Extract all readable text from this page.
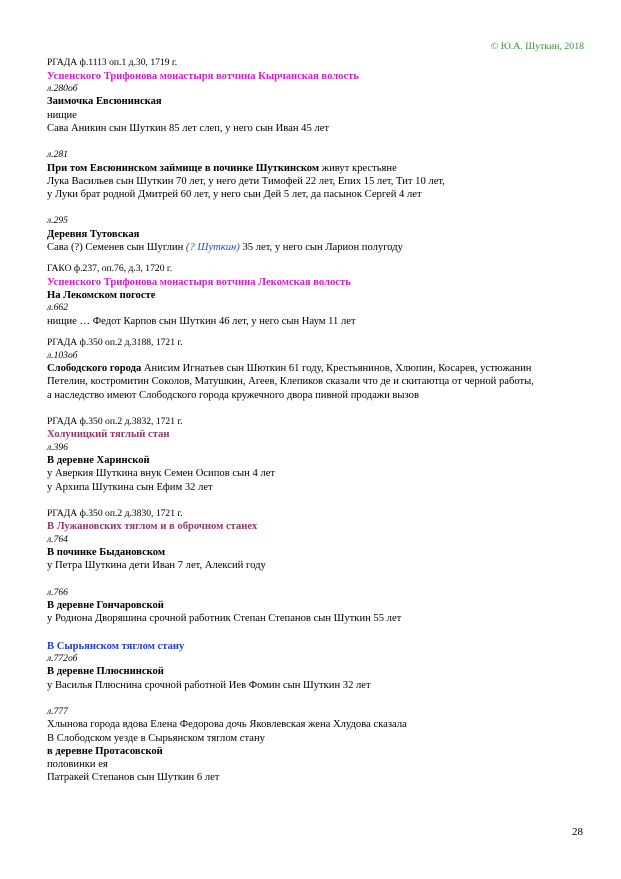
© Ю.А. Шуткин, 2018
РГАДА ф.1113 оп.1 д.30, 1719 г.
Успенского Трифонова монастыря вотчина Кырчанская волость
л.280об
Заимочка Евсюнинская
нищие
Сава Аникин сын Шуткин 85 лет слеп, у него сын Иван 45 лет
л.281
При том Евсюнинском займище в починке Шуткинском живут крестьяне
Лука Васильев сын Шуткин 70 лет, у него дети Тимофей 22 лет, Епих 15 лет, Тит 10 лет,
у Луки брат родной Дмитрей 60 лет, у него сын Дей 5 лет, да пасынок Сергей 4 лет
л.295
Деревня Тутовская
Сава (?) Семенев сын Шуглин (? Шуткин) 35 лет, у него сын Ларион полугоду
ГАКО ф.237, оп.76, д.3, 1720 г.
Успенского Трифонова монастыря вотчина Лекомская волость
На Лекомском погосте
л.662
нищие … Федот Карпов сын Шуткин 46 лет, у него сын Наум 11 лет
РГАДА ф.350 оп.2 д.3188, 1721 г.
л.103об
Слободского города Анисим Игнатьев сын Шюткин 61 году, Крестьянинов, Хлюпин, Косарев, устюжанин
Петелин, костромитин Соколов, Матушкин, Агеев, Клепиков сказали что де и скитаютца от черной работы,
а наследство имеют Слободского города кружечного двора пивной продажи вызов
РГАДА ф.350 оп.2 д.3832, 1721 г.
Холуницкий тяглый стан
л.396
В деревне Харинской
у Аверкия Шуткина внук Семен Осипов сын 4 лет
у Архипа Шуткина сын Ефим 32 лет
РГАДА ф.350 оп.2 д.3830, 1721 г.
В Лужановских тяглом и в оброчном станех
л.764
В починке Быдановском
у Петра Шуткина дети Иван 7 лет, Алексий году
л.766
В деревне Гончаровской
у Родиона Дворяшина срочной работник Степан Степанов сын Шуткин 55 лет
В Сырьянском тяглом стану
л.772об
В деревне Плюснинской
у Василья Плюснина срочной работной Иев Фомин сын Шуткин 32 лет
л.777
Хлынова города вдова Елена Федорова дочь Яковлевская жена Хлудова сказала
В Слободском уезде в Сырьянском тяглом стану
в деревне Протасовской
половинки ея
Патракей Степанов сын Шуткин 6 лет
28
